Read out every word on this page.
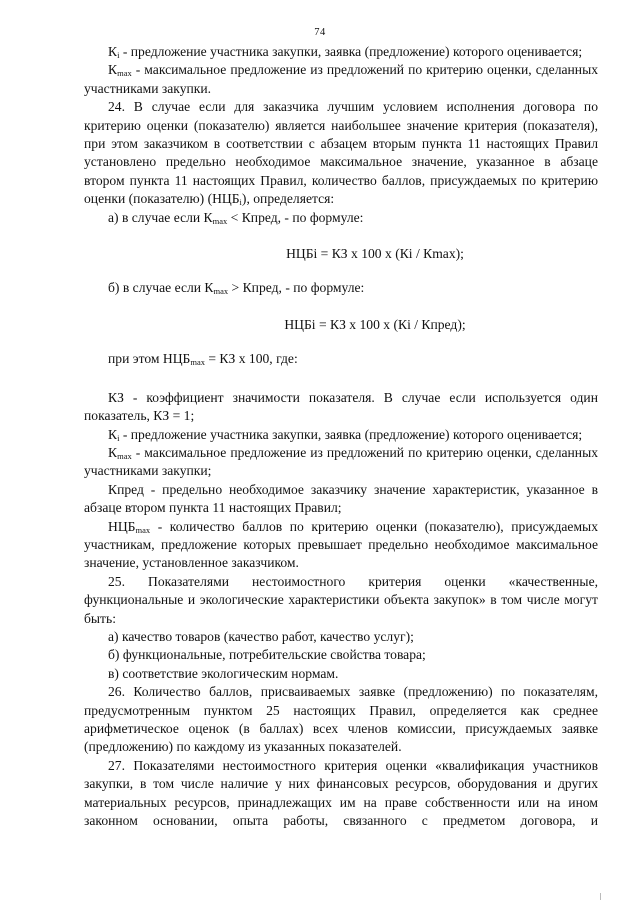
74

$К_i$ - предложение участника закупки, заявка (предложение) которого оценивается;

$К_{max}$ - максимальное предложение из предложений по критерию оценки, сделанных участниками закупки.

24. В случае если для заказчика лучшим условием исполнения договора по критерию оценки (показателю) является наибольшее значение критерия (показателя), при этом заказчиком в соответствии с абзацем вторым пункта 11 настоящих Правил установлено предельно необходимое максимальное значение, указанное в абзаце втором пункта 11 настоящих Правил, количество баллов, присуждаемых по критерию оценки (показателю) $(НЦБ_i)$, определяется:

а) в случае если $К_{max}$ < Кпред, - по формуле:

НЦБi = КЗ х 100 х (Кi / Кmax);

б) в случае если $К_{max}$ > Кпред, - по формуле:

НЦБi = КЗ х 100 х (Кi / Кпред);

при этом $НЦБ_{max}$ = КЗ х 100, где:

КЗ - коэффициент значимости показателя. В случае если используется один показатель, КЗ = 1;

$К_i$ - предложение участника закупки, заявка (предложение) которого оценивается;

$К_{max}$ - максимальное предложение из предложений по критерию оценки, сделанных участниками закупки;

Кпред - предельно необходимое заказчику значение характеристик, указанное в абзаце втором пункта 11 настоящих Правил;

$НЦБ_{max}$ - количество баллов по критерию оценки (показателю), присуждаемых участникам, предложение которых превышает предельно необходимое максимальное значение, установленное заказчиком.

25. Показателями нестоимостного критерия оценки «качественные, функциональные и экологические характеристики объекта закупок» в том числе могут быть:

а) качество товаров (качество работ, качество услуг);

б) функциональные, потребительские свойства товара;

в) соответствие экологическим нормам.

26. Количество баллов, присваиваемых заявке (предложению) по показателям, предусмотренным пунктом 25 настоящих Правил, определяется как среднее арифметическое оценок (в баллах) всех членов комиссии, присуждаемых заявке (предложению) по каждому из указанных показателей.

27. Показателями нестоимостного критерия оценки «квалификация участников закупки, в том числе наличие у них финансовых ресурсов, оборудования и других материальных ресурсов, принадлежащих им на праве собственности или на ином законном основании, опыта работы, связанного с предметом договора, и
